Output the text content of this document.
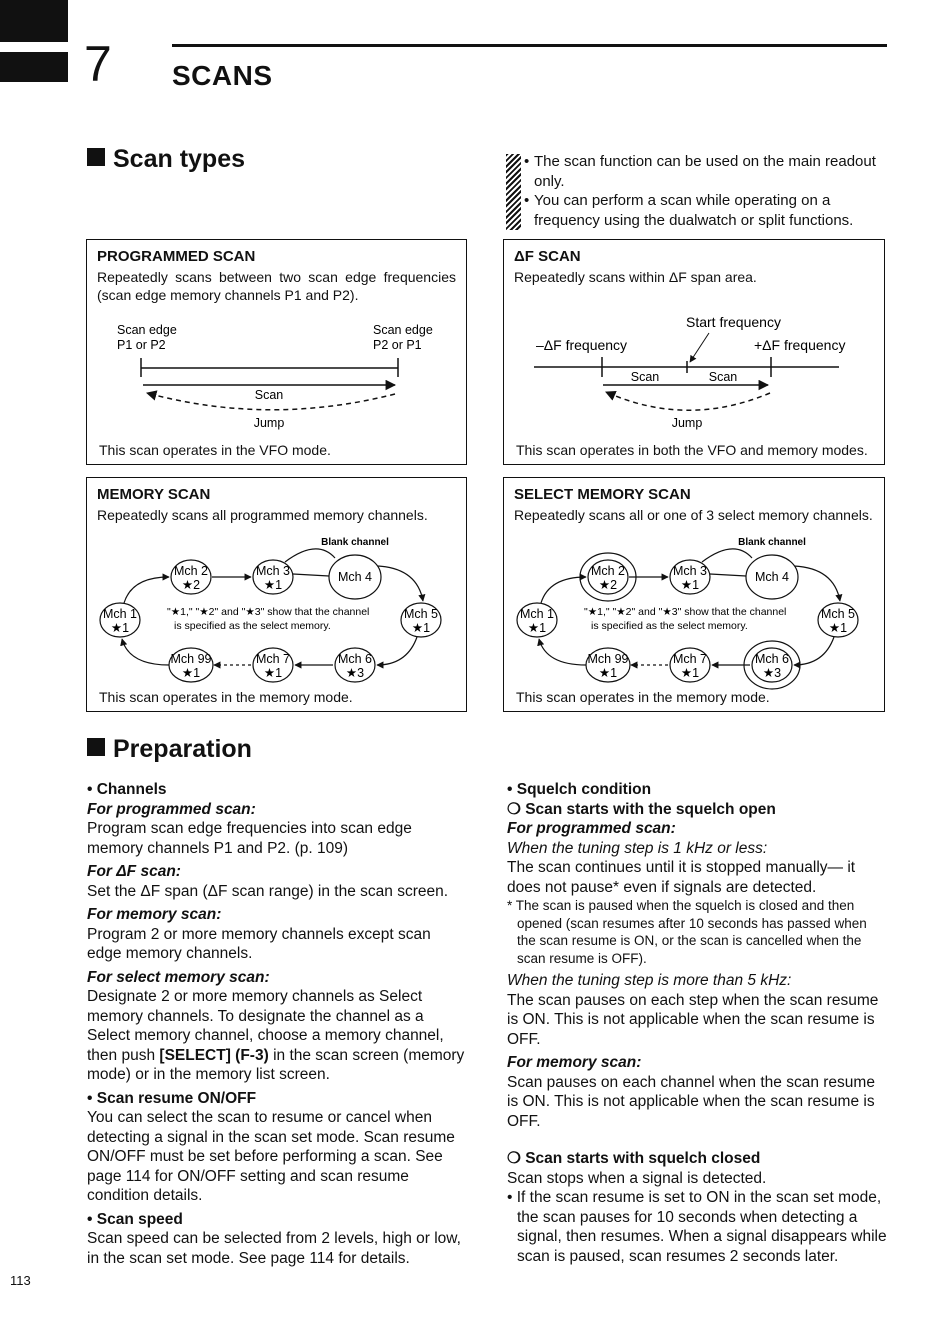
7 SCANS
Scan types
•	The scan function can be used on the main readout only.
• You can perform a scan while operating on a frequency using the dualwatch or split functions.
Scan edge
P1 or P2
Scan edge
P2 or P1
Scan
Jump
PROGRAMMED SCAN
Repeatedly scans between two scan edge frequencies (scan edge memory channels P1 and P2).
This scan operates in the VFO mode.
Start frequency
–ΔF frequency	+ΔF frequency
Scan	Scan
Jump
ΔF SCAN
Repeatedly scans within ΔF span area.
This scan operates in both the VFO and memory modes.
Blank channel
Mch 1
★1
Mch 2
★2
Mch 3
★1
Mch 4
Mch 5
★1
Mch 6
★3
Mch 7
★1
Mch 99
★1
"★1," "★2" and "★3" show that the channel
is specified as the select memory.
MEMORY SCAN
Repeatedly scans all programmed memory channels.
This scan operates in the memory mode.
Blank channel
Mch 1
★1
Mch 2
★2
Mch 3
★1
Mch 4
Mch 5
★1
Mch 6
★3
Mch 7
★1
Mch 99
★1
"★1," "★2" and "★3" show that the channel
is specified as the select memory.
SELECT MEMORY SCAN
Repeatedly scans all or one of 3 select memory channels.
This scan operates in the memory mode.
Preparation

• Channels

For programmed scan:

Program scan edge frequencies into scan edge memory channels P1 and P2. (p. 109)

For ΔF scan:

Set the ΔF span (ΔF scan range) in the scan screen.

For memory scan:

Program 2 or more memory channels except scan edge memory channels.

For select memory scan:

Designate 2 or more memory channels as Select memory channels. To designate the channel as a Select memory channel, choose a memory channel, then push [SELECT] (F-3) in the scan screen (memory mode) or in the memory list screen.

• Scan resume ON/OFF

You can select the scan to resume or cancel when detecting a signal in the scan set mode. Scan resume ON/OFF must be set before performing a scan. See page 114 for ON/OFF setting and scan resume condition details.

• Scan speed

Scan speed can be selected from 2 levels, high or low, in the scan set mode. See page 114 for details.

• Squelch condition

❍ Scan starts with the squelch open

For programmed scan:

When the tuning step is 1 kHz or less:

The scan continues until it is stopped manually— it does not pause* even if signals are detected.

* The scan is paused when the squelch is closed and then opened (scan resumes after 10 seconds has passed when the scan resume is ON, or the scan is cancelled when the scan resume is OFF).

When the tuning step is more than 5 kHz:

The scan pauses on each step when the scan resume is ON. This is not applicable when the scan resume is OFF.

For memory scan:

Scan pauses on each channel when the scan resume is ON. This is not applicable when the scan resume is OFF.

❍ Scan starts with squelch closed

Scan stops when a signal is detected.

• If the scan resume is set to ON in the scan set mode, the scan pauses for 10 seconds when detecting a signal, then resumes. When a signal disappears while scan is paused, scan resumes 2 seconds later.

113
